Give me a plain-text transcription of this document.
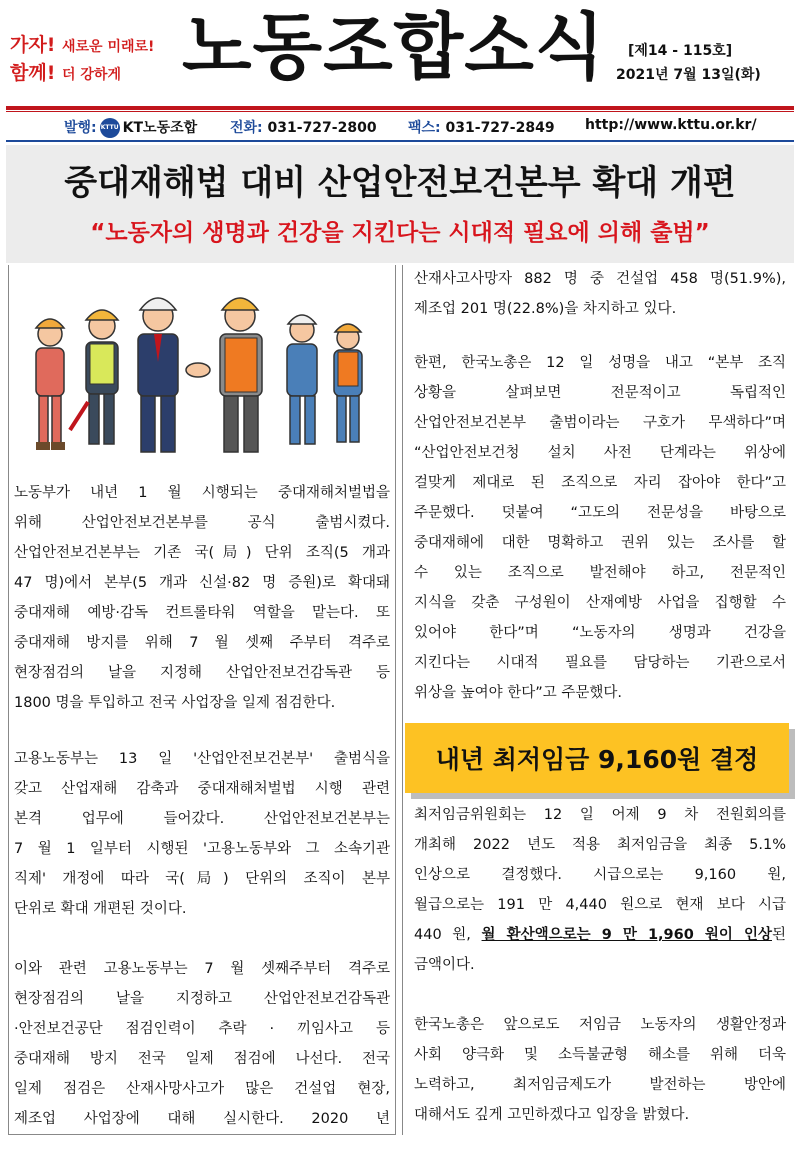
가자! 새로운 미래로!
함께! 더 강하게 노동조합소식 [제14 - 115호]
2021년 7월 13일(화)
발행: KTTU KT노동조합 전화: 031-727-2800 팩스: 031-727-2849 http://www.kttu.or.kr/
중대재해법 대비 산업안전보건본부 확대 개편
“노동자의 생명과 건강을 지킨다는 시대적 필요에 의해 출범”
노동부가 내년 1 월 시행되는 중대재해처벌법을
위해 산업안전보건본부를 공식 출범시켰다.
산업안전보건본부는 기존 국(局) 단위 조직(5 개과
47 명)에서 본부(5 개과 신설·82 명 증원)로 확대돼
중대재해 예방·감독 컨트롤타워 역할을 맡는다. 또
중대재해 방지를 위해 7 월 셋째 주부터 격주로
현장점검의 날을 지정해 산업안전보건감독관 등
1800 명을 투입하고 전국 사업장을 일제 점검한다.
고용노동부는 13 일 '산업안전보건본부' 출범식을
갖고 산업재해 감축과 중대재해처벌법 시행 관련
본격 업무에 들어갔다. 산업안전보건본부는
7 월 1 일부터 시행된 '고용노동부와 그 소속기관
직제' 개정에 따라 국(局) 단위의 조직이 본부
단위로 확대 개편된 것이다.
이와 관련 고용노동부는 7 월 셋째주부터 격주로
현장점검의 날을 지정하고 산업안전보건감독관
·안전보건공단 점검인력이 추락 · 끼임사고 등
중대재해 방지 전국 일제 점검에 나선다. 전국
일제 점검은 산재사망사고가 많은 건설업 현장,
제조업 사업장에 대해 실시한다. 2020 년
산재사고사망자 882 명 중 건설업 458 명(51.9%),
제조업 201 명(22.8%)을 차지하고 있다.
한편, 한국노총은 12 일 성명을 내고 “본부 조직
상황을 살펴보면 전문적이고 독립적인
산업안전보건본부 출범이라는 구호가 무색하다”며
“산업안전보건청 설치 사전 단계라는 위상에
걸맞게 제대로 된 조직으로 자리 잡아야 한다”고
주문했다. 덧붙여 “고도의 전문성을 바탕으로
중대재해에 대한 명확하고 권위 있는 조사를 할
수 있는 조직으로 발전해야 하고, 전문적인
지식을 갖춘 구성원이 산재예방 사업을 집행할 수
있어야 한다”며 “노동자의 생명과 건강을
지킨다는 시대적 필요를 담당하는 기관으로서
위상을 높여야 한다”고 주문했다.
내년 최저임금 9,160원 결정
최저임금위원회는 12 일 어제 9 차 전원회의를
개최해 2022 년도 적용 최저임금을 최종 5.1%
인상으로 결정했다. 시급으로는 9,160 원,
월급으로는 191 만 4,440 원으로 현재 보다 시급
440 원, 월 환산액으로는 9 만 1,960 원이 인상된
금액이다.
한국노총은 앞으로도 저임금 노동자의 생활안정과
사회 양극화 및 소득불균형 해소를 위해 더욱
노력하고, 최저임금제도가 발전하는 방안에
대해서도 깊게 고민하겠다고 입장을 밝혔다.
